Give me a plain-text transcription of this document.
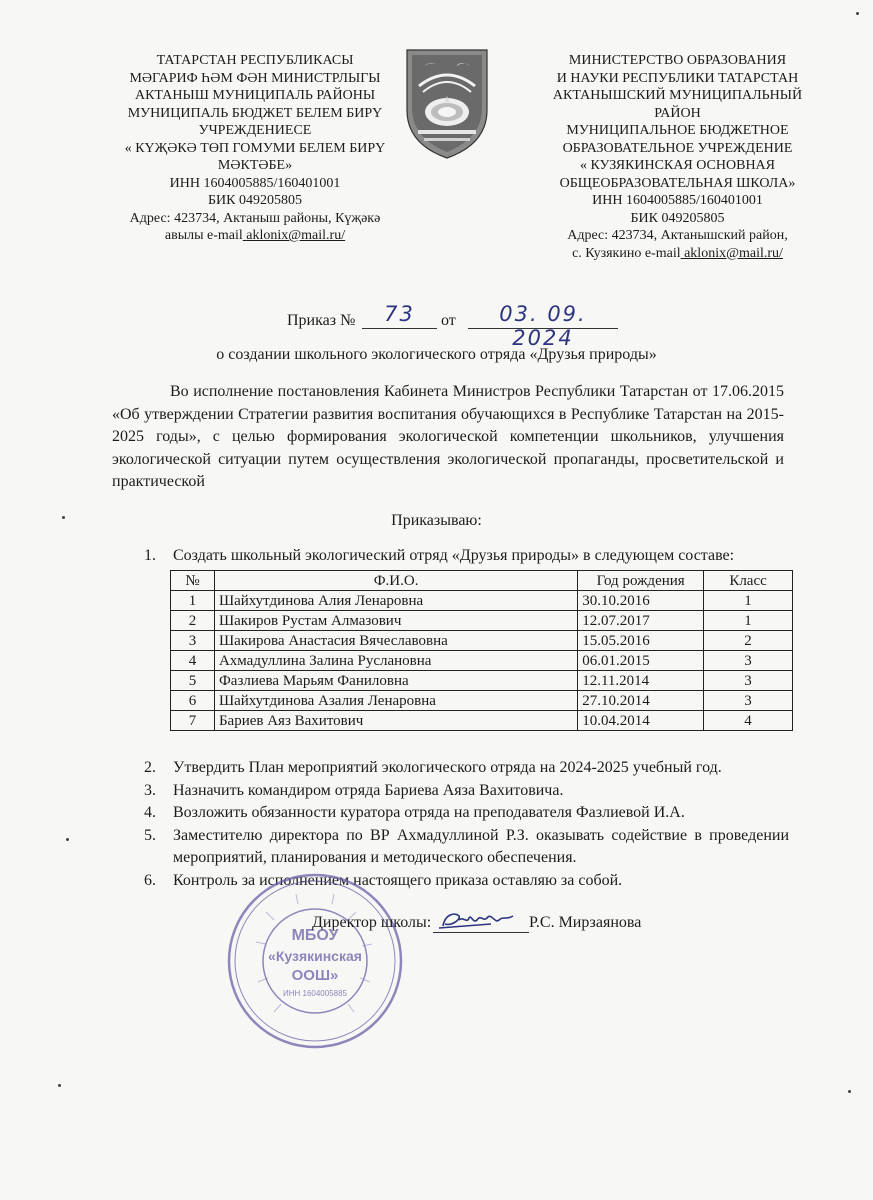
ТАТАРСТАН РЕСПУБЛИКАСЫ
МӘГАРИФ ҺӘМ ФӘН МИНИСТРЛЫГЫ
АКТАНЫШ МУНИЦИПАЛЬ РАЙОНЫ
МУНИЦИПАЛЬ БЮДЖЕТ БЕЛЕМ БИРҮ
УЧРЕЖДЕНИЕСЕ
« КҮҖӘКӘ ТӨП ГОМУМИ БЕЛЕМ БИРҮ
МӘКТӘБЕ»
ИНН 1604005885/160401001
БИК 049205805
Адрес: 423734, Актаныш районы, Күҗәкә
авылы e-mail aklonix@mail.ru/
МИНИСТЕРСТВО ОБРАЗОВАНИЯ
И НАУКИ РЕСПУБЛИКИ ТАТАРСТАН
АКТАНЫШСКИЙ МУНИЦИПАЛЬНЫЙ
РАЙОН
МУНИЦИПАЛЬНОЕ БЮДЖЕТНОЕ
ОБРАЗОВАТЕЛЬНОЕ УЧРЕЖДЕНИЕ
« КУЗЯКИНСКАЯ ОСНОВНАЯ
ОБЩЕОБРАЗОВАТЕЛЬНАЯ ШКОЛА»
ИНН 1604005885/160401001
БИК 049205805
Адрес: 423734, Актанышский район,
с. Кузякино e-mail aklonix@mail.ru/
Приказ №	73	от	03. 09. 2024
о создании школьного экологического отряда «Друзья природы»
Во исполнение постановления Кабинета Министров Республики Татарстан от 17.06.2015 «Об утверждении Стратегии развития воспитания обучающихся в Республике Татарстан на 2015-2025 годы», с целью формирования экологической компетенции школьников, улучшения экологической ситуации путем осуществления экологической пропаганды, просветительской и практической
Приказываю:
1. Создать школьный экологический отряд «Друзья природы» в следующем составе:
№	Ф.И.О.	Год рождения	Класс
1	Шайхутдинова Алия Ленаровна	30.10.2016	1
2	Шакиров Рустам Алмазович	12.07.2017	1
3	Шакирова Анастасия Вячеславовна	15.05.2016	2
4	Ахмадуллина Залина Руслановна	06.01.2015	3
5	Фазлиева Марьям Фаниловна	12.11.2014	3
6	Шайхутдинова Азалия Ленаровна	27.10.2014	3
7	Бариев Аяз Вахитович	10.04.2014	4
2. Утвердить План мероприятий экологического отряда на 2024-2025 учебный год.
3. Назначить командиром отряда Бариева Аяза Вахитовича.
4. Возложить обязанности куратора отряда на преподавателя Фазлиевой И.А.
5. Заместителю директора по ВР Ахмадуллиной Р.З. оказывать содействие в проведении мероприятий, планирования и методического обеспечения.
6. Контроль за исполнением настоящего приказа оставляю за собой.
МБОУ
«Кузякинская
ООШ»
ИНН 1604005885
Директор школы:	Р.С. Мирзаянова
